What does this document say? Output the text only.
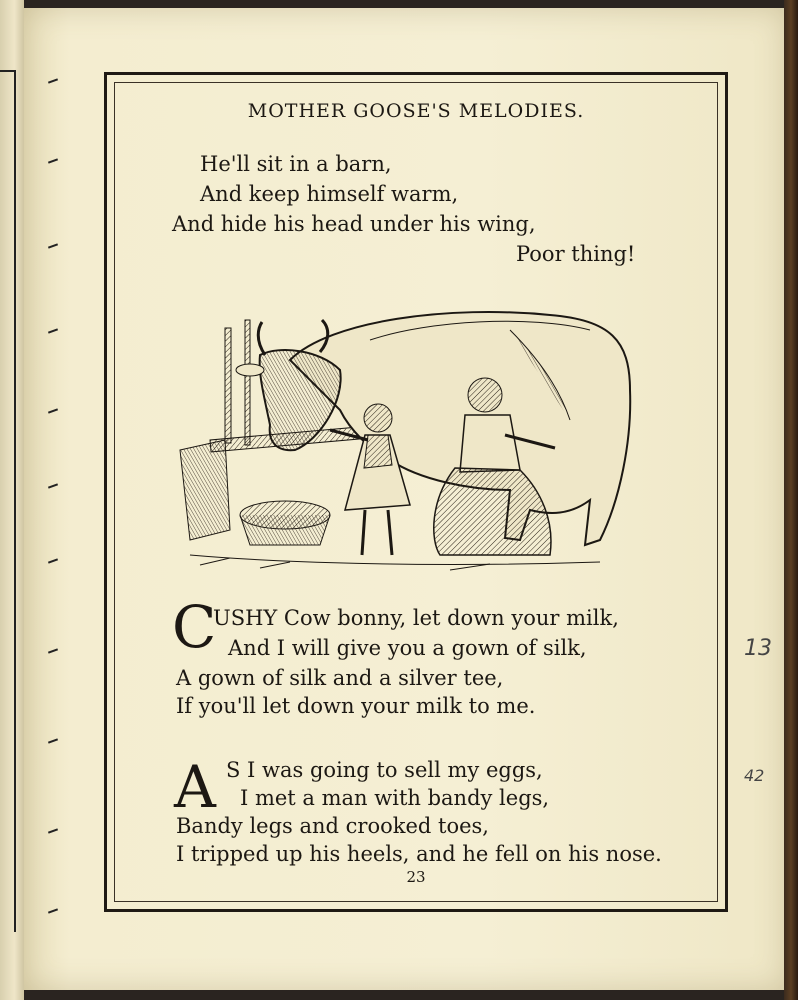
MOTHER GOOSE'S MELODIES.
He'll sit in a barn,
And keep himself warm,
And hide his head under his wing,
Poor thing!
C
USHY Cow bonny, let down your milk,
And I will give you a gown of silk,
A gown of silk and a silver tee,
If you'll let down your milk to me.
A S I was going to sell my eggs,
I met a man with bandy legs,
Bandy legs and crooked toes,
I tripped up his heels, and he fell on his nose.
23
13
42
